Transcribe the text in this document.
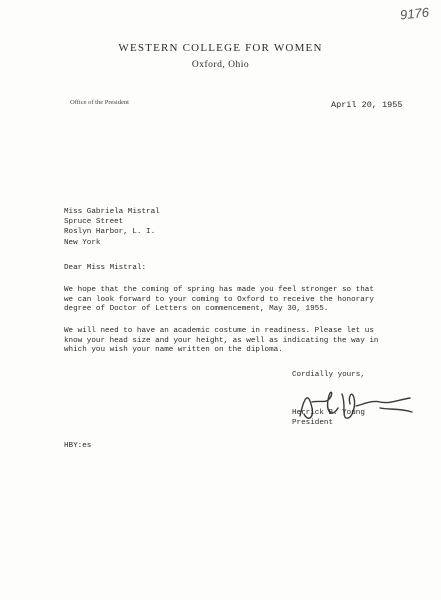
9176
WESTERN COLLEGE FOR WOMEN
Oxford, Ohio
Office of the President	April 20, 1955
Miss Gabriela Mistral
Spruce Street
Roslyn Harbor, L. I.
New York
Dear Miss Mistral:
We hope that the coming of spring has made you feel stronger so that
we can look forward to your coming to Oxford to receive the honorary
degree of Doctor of Letters on commencement, May 30, 1955.
We will need to have an academic costume in readiness. Please let us
know your head size and your height, as well as indicating the way in
which you wish your name written on the diploma.
Cordially yours,
Herrick B. Young
President
HBY:es
